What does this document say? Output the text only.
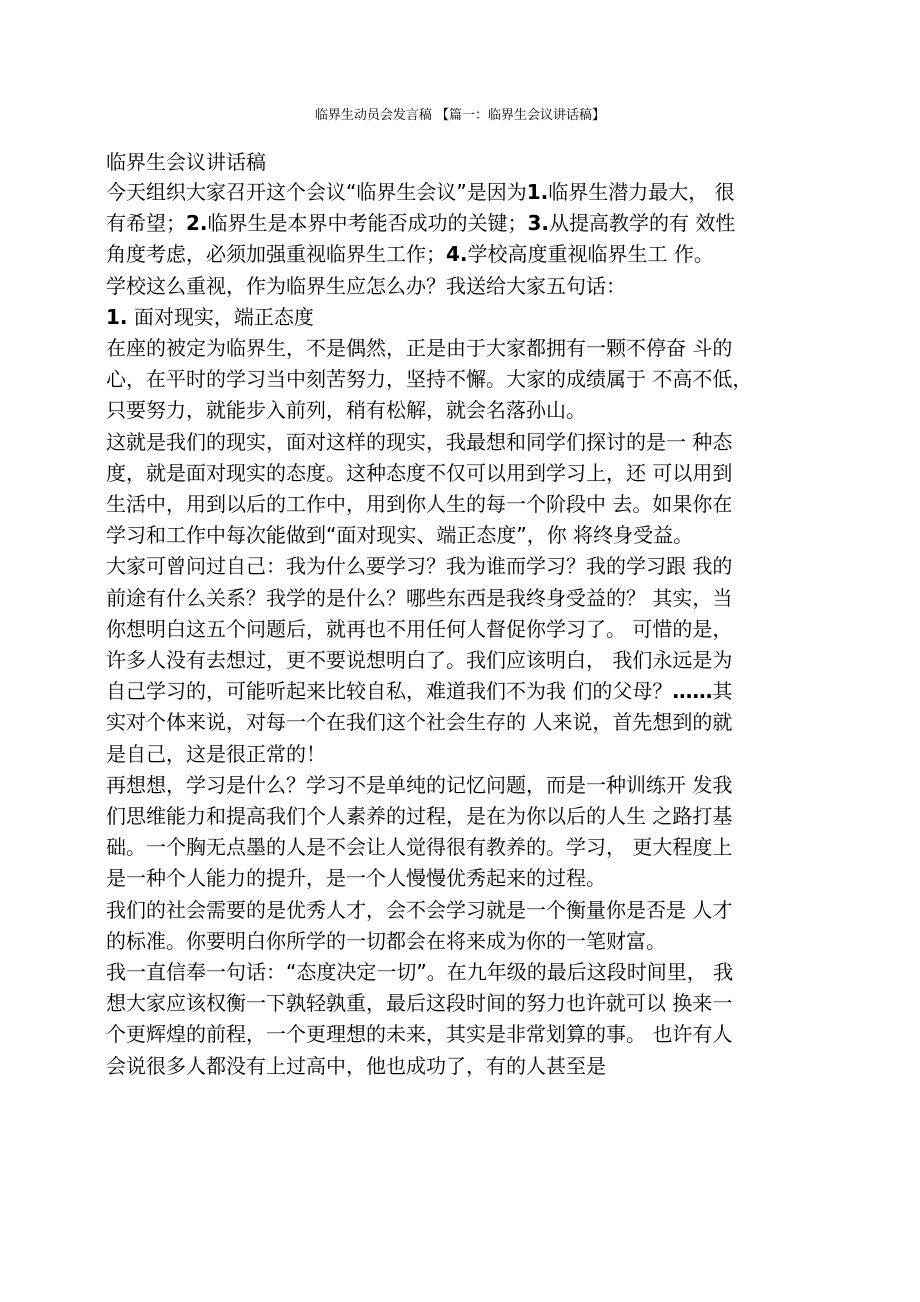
临界生动员会发言稿 【篇一：临界生会议讲话稿】

临界生会议讲话稿

今天组织大家召开这个会议“临界生会议”是因为1.临界生潜力最大， 很

有希望；2.临界生是本界中考能否成功的关键；3.从提高教学的有 效性

角度考虑，必须加强重视临界生工作；4.学校高度重视临界生工 作。

学校这么重视，作为临界生应怎么办？我送给大家五句话：

1. 面对现实，端正态度

在座的被定为临界生，不是偶然，正是由于大家都拥有一颗不停奋 斗的

心，在平时的学习当中刻苦努力，坚持不懈。大家的成绩属于 不高不低，

只要努力，就能步入前列，稍有松解，就会名落孙山。

这就是我们的现实，面对这样的现实，我最想和同学们探讨的是一 种态

度，就是面对现实的态度。这种态度不仅可以用到学习上，还 可以用到

生活中，用到以后的工作中，用到你人生的每一个阶段中 去。如果你在

学习和工作中每次能做到“面对现实、端正态度”，你 将终身受益。

大家可曾问过自己：我为什么要学习？我为谁而学习？我的学习跟 我的

前途有什么关系？我学的是什么？哪些东西是我终身受益的？ 其实，当

你想明白这五个问题后，就再也不用任何人督促你学习了。 可惜的是，

许多人没有去想过，更不要说想明白了。我们应该明白， 我们永远是为

自己学习的，可能听起来比较自私，难道我们不为我 们的父母？……其

实对个体来说，对每一个在我们这个社会生存的 人来说，首先想到的就

是自己，这是很正常的！

再想想，学习是什么？学习不是单纯的记忆问题，而是一种训练开 发我

们思维能力和提高我们个人素养的过程，是在为你以后的人生 之路打基

础。一个胸无点墨的人是不会让人觉得很有教养的。学习， 更大程度上

是一种个人能力的提升，是一个人慢慢优秀起来的过程。

我们的社会需要的是优秀人才，会不会学习就是一个衡量你是否是 人才

的标准。你要明白你所学的一切都会在将来成为你的一笔财富。

我一直信奉一句话：“态度决定一切”。在九年级的最后这段时间里， 我

想大家应该权衡一下孰轻孰重，最后这段时间的努力也许就可以 换来一

个更辉煌的前程，一个更理想的未来，其实是非常划算的事。 也许有人

会说很多人都没有上过高中，他也成功了，有的人甚至是
